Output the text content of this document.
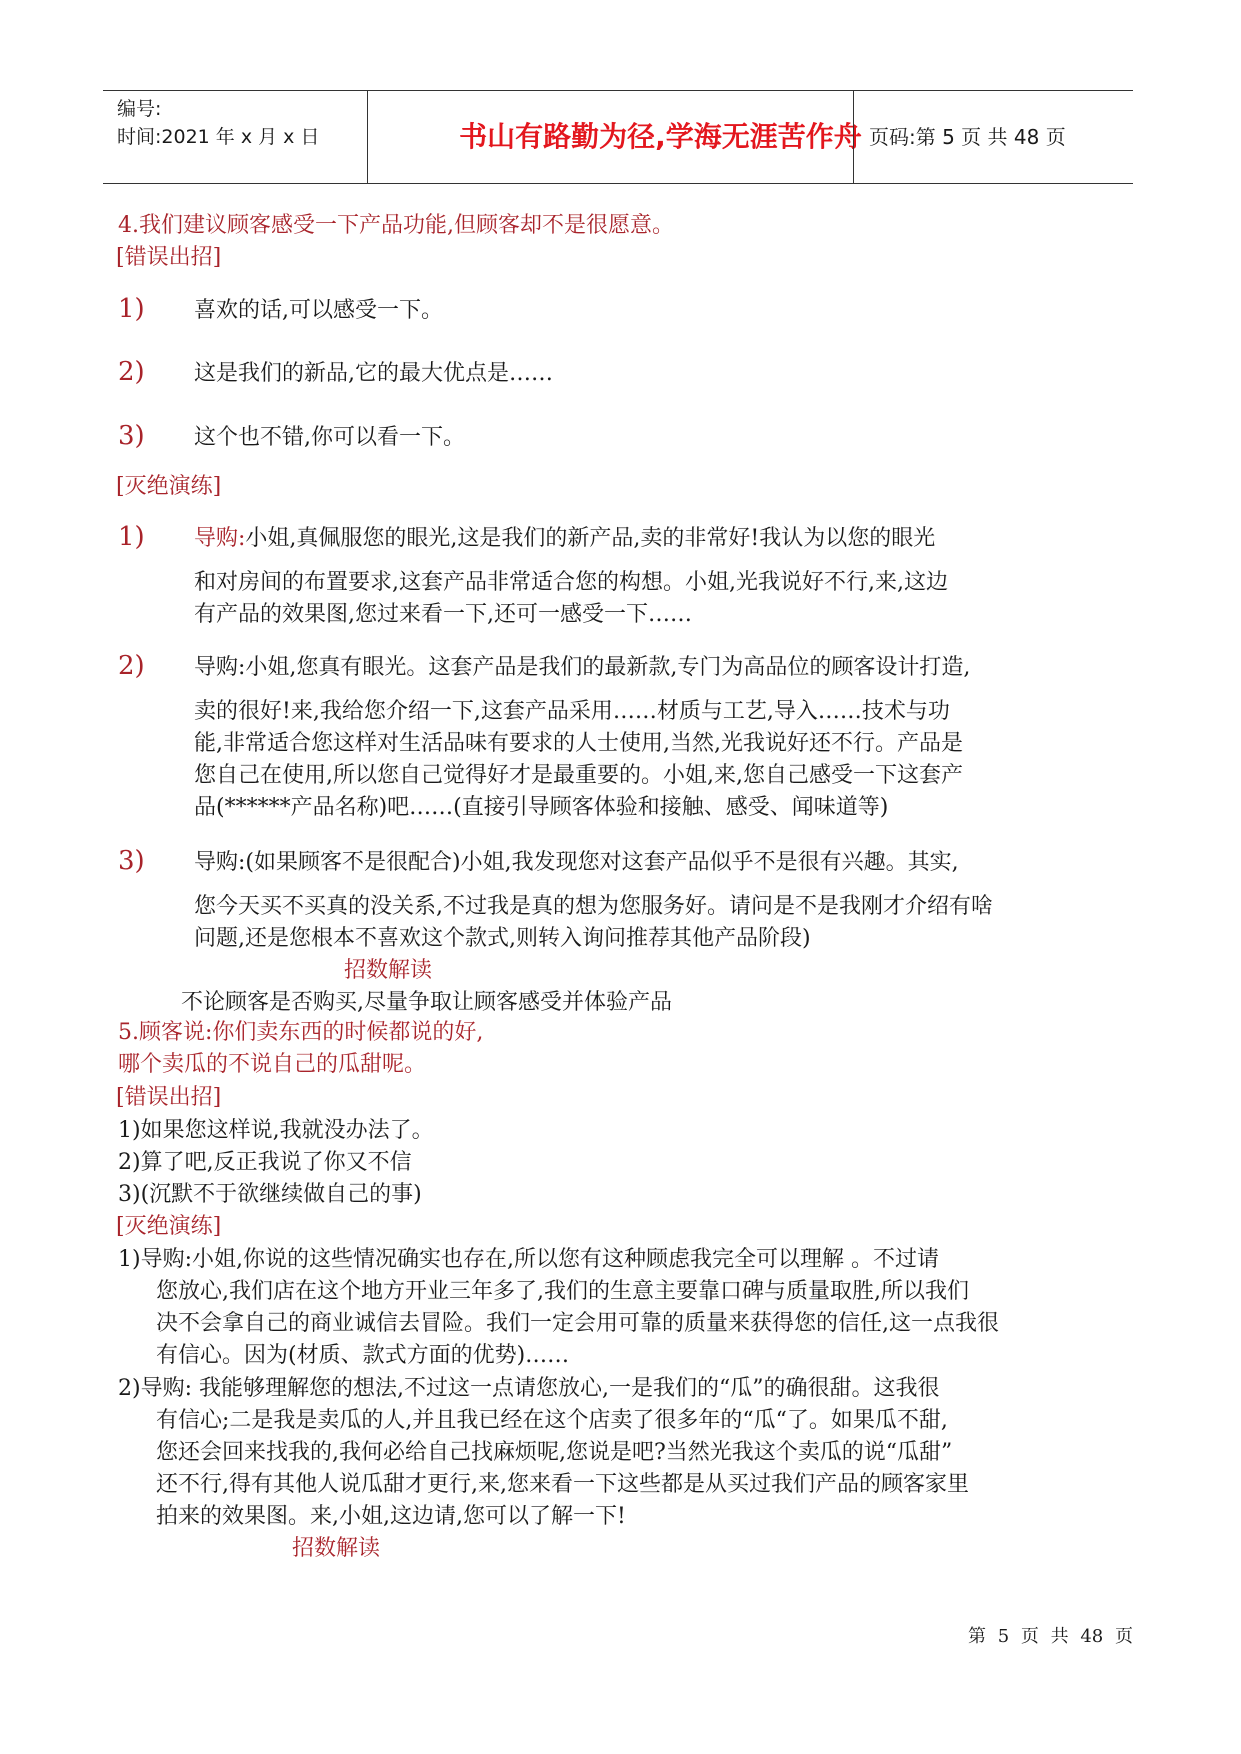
编号:
时间:2021 年 x 月 x 日	书山有路勤为径,学海无涯苦作舟 页码:第 5 页 共 48 页
4.我们建议顾客感受一下产品功能,但顾客却不是很愿意。
[错误出招]
1) 喜欢的话,可以感受一下。
2) 这是我们的新品,它的最大优点是……
3) 这个也不错,你可以看一下。
[灭绝演练]
1) 导购:小姐,真佩服您的眼光,这是我们的新产品,卖的非常好!我认为以您的眼光
和对房间的布置要求,这套产品非常适合您的构想。小姐,光我说好不行,来,这边
有产品的效果图,您过来看一下,还可一感受一下……
2) 导购:小姐,您真有眼光。这套产品是我们的最新款,专门为高品位的顾客设计打造,
卖的很好!来,我给您介绍一下,这套产品采用……材质与工艺,导入……技术与功
能,非常适合您这样对生活品味有要求的人士使用,当然,光我说好还不行。产品是
您自己在使用,所以您自己觉得好才是最重要的。小姐,来,您自己感受一下这套产
品(******产品名称)吧……(直接引导顾客体验和接触、感受、闻味道等)
3) 导购:(如果顾客不是很配合)小姐,我发现您对这套产品似乎不是很有兴趣。其实,
您今天买不买真的没关系,不过我是真的想为您服务好。请问是不是我刚才介绍有啥
问题,还是您根本不喜欢这个款式,则转入询问推荐其他产品阶段)
招数解读
不论顾客是否购买,尽量争取让顾客感受并体验产品
5.顾客说:你们卖东西的时候都说的好,
哪个卖瓜的不说自己的瓜甜呢。
[错误出招]
1)如果您这样说,我就没办法了。
2)算了吧,反正我说了你又不信
3)(沉默不于欲继续做自己的事)
[灭绝演练]
1)导购:小姐,你说的这些情况确实也存在,所以您有这种顾虑我完全可以理解 。不过请
您放心,我们店在这个地方开业三年多了,我们的生意主要靠口碑与质量取胜,所以我们
决不会拿自己的商业诚信去冒险。我们一定会用可靠的质量来获得您的信任,这一点我很
有信心。因为(材质、款式方面的优势)……
2)导购: 我能够理解您的想法,不过这一点请您放心,一是我们的“瓜”的确很甜。这我很
有信心;二是我是卖瓜的人,并且我已经在这个店卖了很多年的“瓜“了。如果瓜不甜,
您还会回来找我的,我何必给自己找麻烦呢,您说是吧?当然光我这个卖瓜的说“瓜甜”
还不行,得有其他人说瓜甜才更行,来,您来看一下这些都是从买过我们产品的顾客家里
拍来的效果图。来,小姐,这边请,您可以了解一下!
招数解读
第 5 页 共 48 页
